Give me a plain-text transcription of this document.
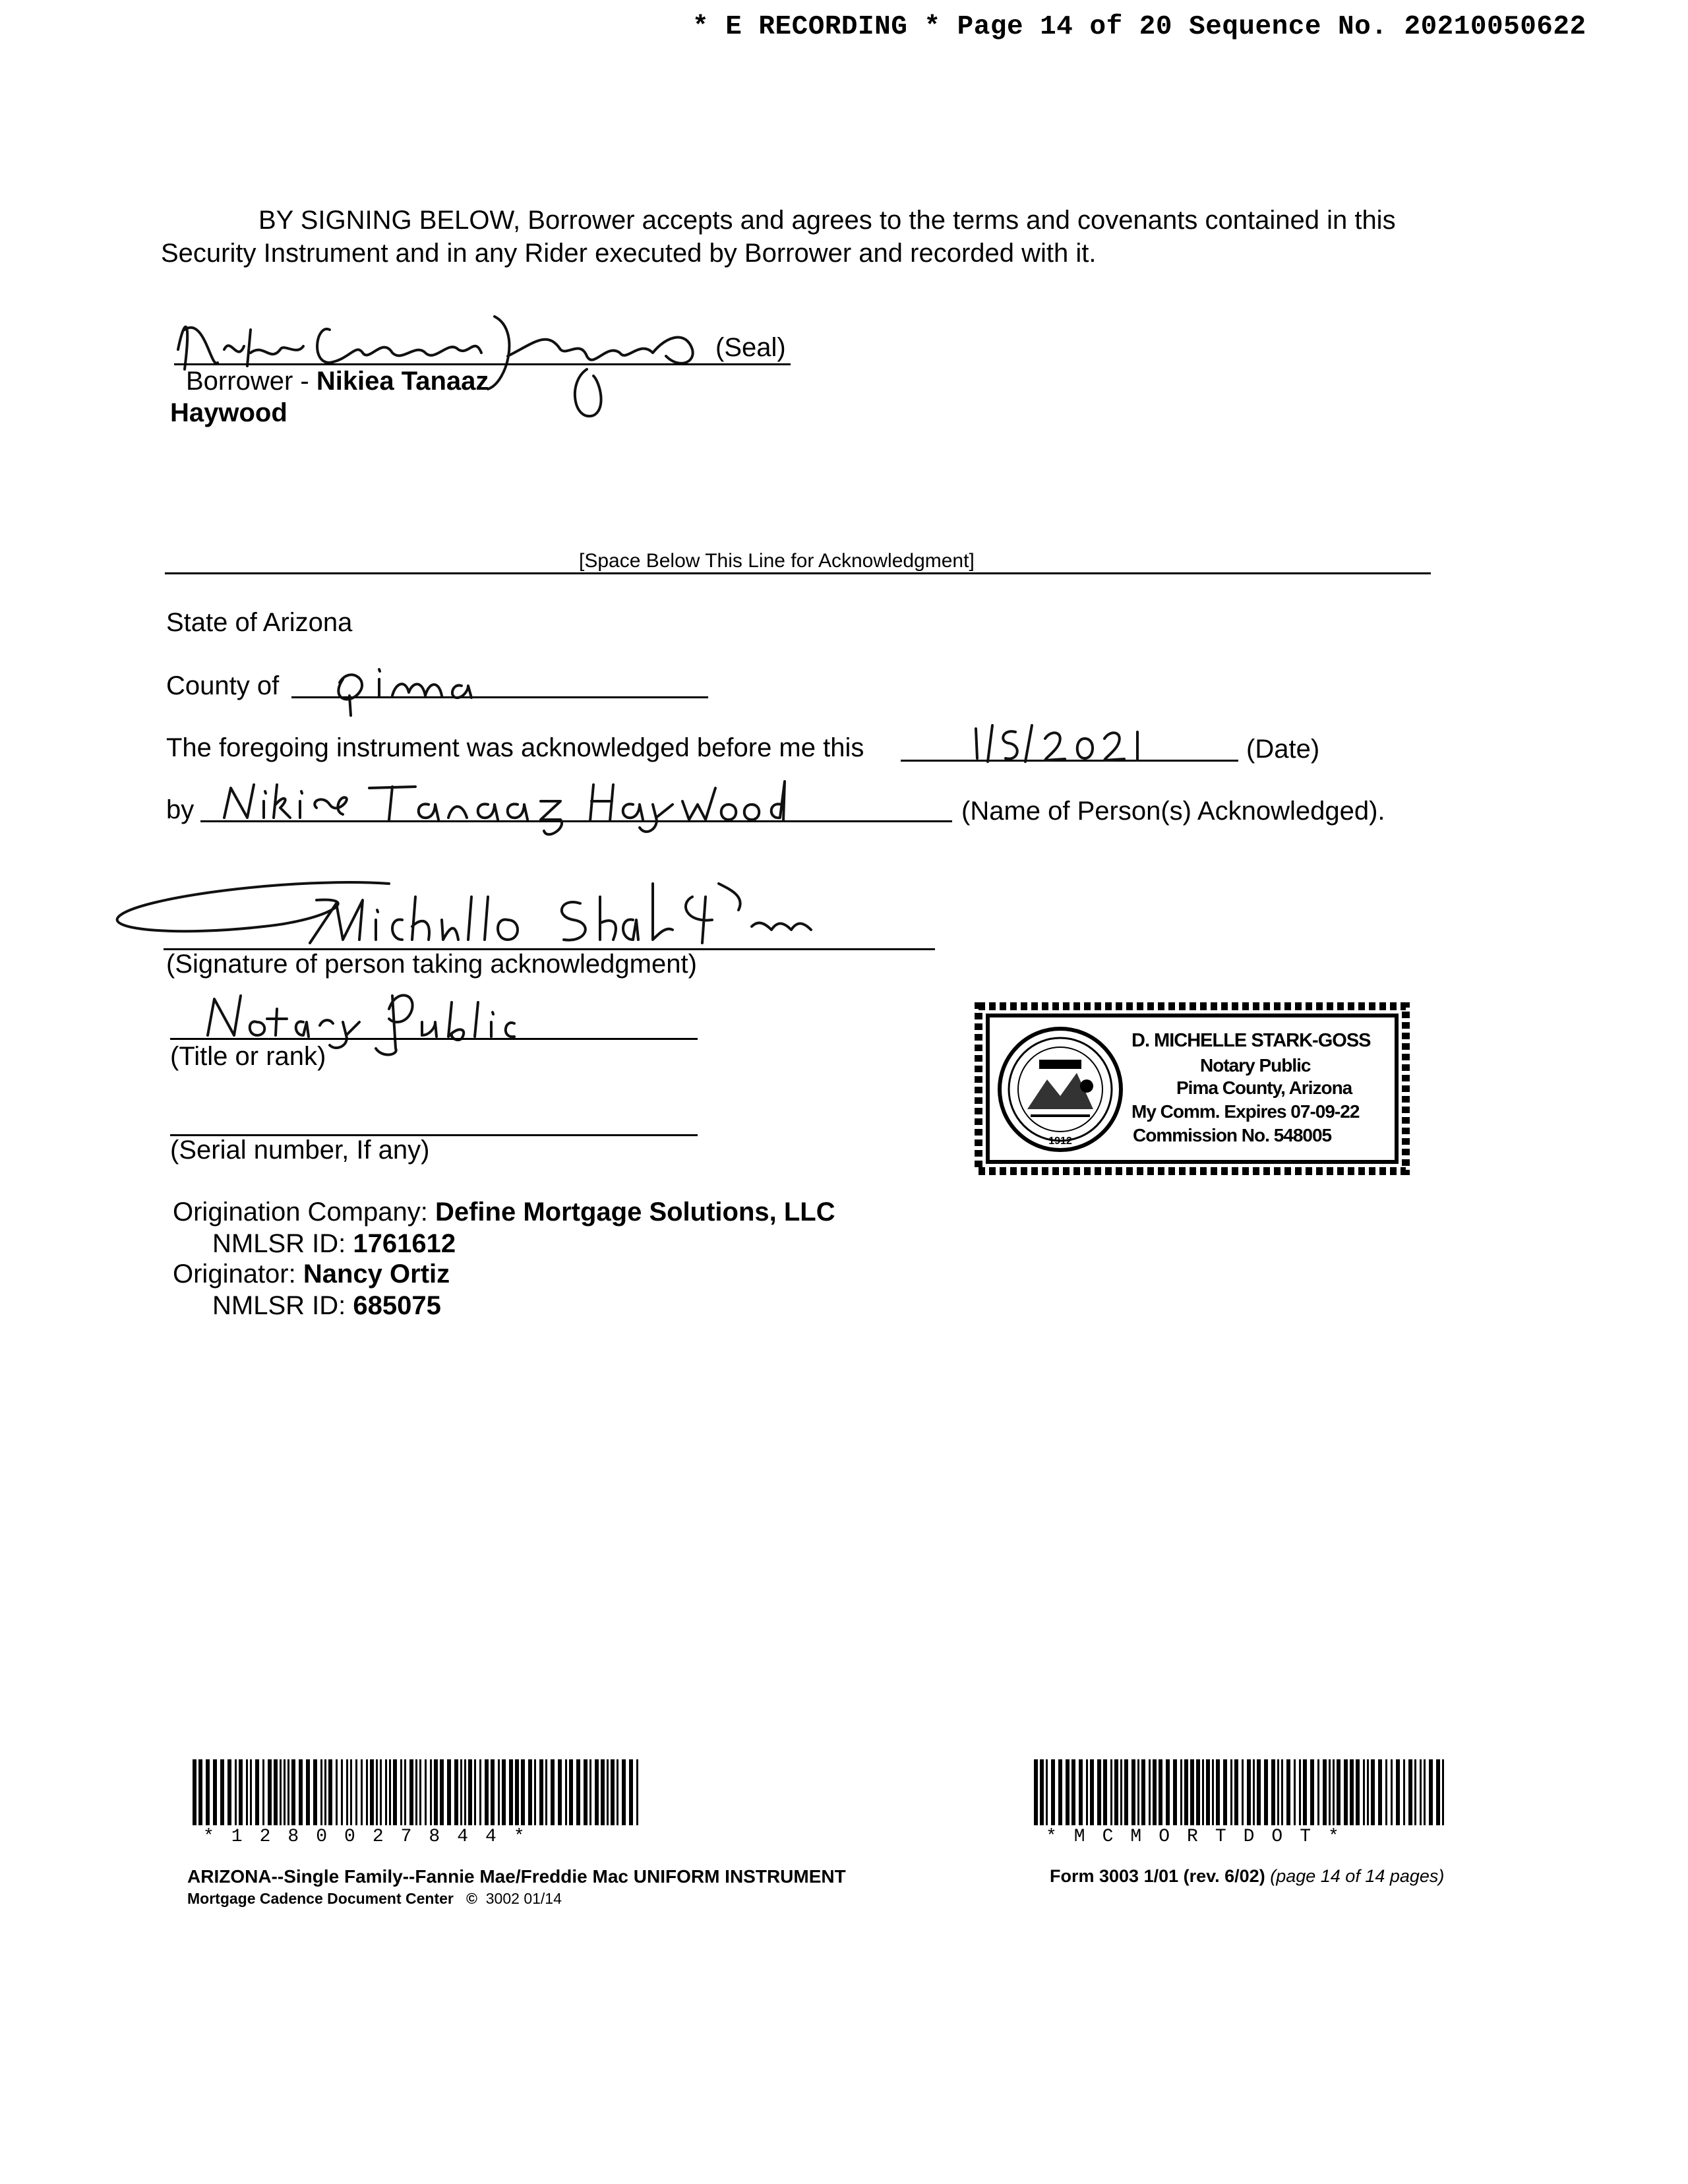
* E RECORDING * Page 14 of 20 Sequence No. 20210050622
BY SIGNING BELOW, Borrower accepts and agrees to the terms and covenants contained in this
Security Instrument and in any Rider executed by Borrower and recorded with it.
(Seal)
Borrower - Nikiea Tanaaz
Haywood
[Space Below This Line for Acknowledgment]
State of Arizona
County of
The foregoing instrument was acknowledged before me this	(Date)
by	(Name of Person(s) Acknowledged).
(Signature of person taking acknowledgment)
(Title or rank)
(Serial number, If any)	1912
D. MICHELLE STARK-GOSS
Notary Public
Pima County, Arizona
My Comm. Expires 07-09-22
Commission No. 548005
Origination Company: Define Mortgage Solutions, LLC
NMLSR ID: 1761612
Originator: Nancy Ortiz
NMLSR ID: 685075
*1280027844*
ARIZONA--Single Family--Fannie Mae/Freddie Mac UNIFORM INSTRUMENT
Mortgage Cadence Document Center © 3002 01/14
*MCMORTDOT*
Form 3003 1/01 (rev. 6/02) (page 14 of 14 pages)
